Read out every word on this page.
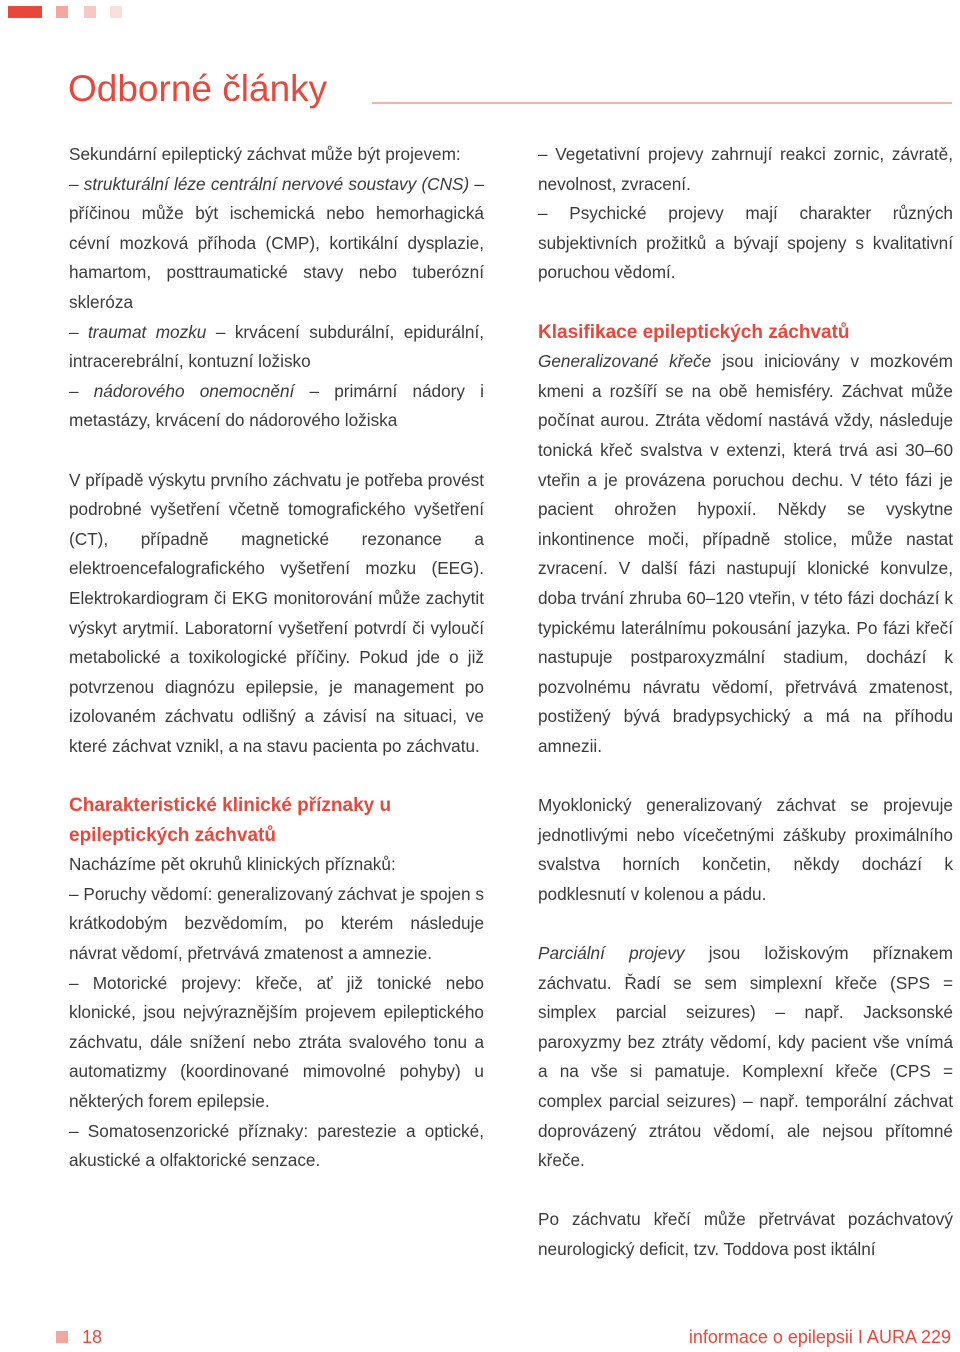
Odborné články

Sekundární epileptický záchvat může být projevem:

– strukturální léze centrální nervové soustavy (CNS) – příčinou může být ischemická nebo hemorhagická cévní mozková příhoda (CMP), kortikální dysplazie, hamartom, posttraumatické stavy nebo tuberózní skleróza
– traumat mozku – krvácení subdurální, epidurální, intracerebrální, kontuzní ložisko
– nádorového onemocnění – primární nádory i metastázy, krvácení do nádorového ložiska

V případě výskytu prvního záchvatu je potřeba provést podrobné vyšetření včetně tomografického vyšetření (CT), případně magnetické rezonance a elektroencefalografického vyšetření mozku (EEG). Elektrokardiogram či EKG monitorování může zachytit výskyt arytmií. Laboratorní vyšetření potvrdí či vyloučí metabolické a toxikologické příčiny. Pokud jde o již potvrzenou diagnózu epilepsie, je management po izolovaném záchvatu odlišný a závisí na situaci, ve které záchvat vznikl, a na stavu pacienta po záchvatu.

Charakteristické klinické příznaky u epileptických záchvatů

Nacházíme pět okruhů klinických příznaků:

– Poruchy vědomí: generalizovaný záchvat je spojen s krátkodobým bezvědomím, po kterém následuje návrat vědomí, přetrvává zmatenost a amnezie.
– Motorické projevy: křeče, ať již tonické nebo klonické, jsou nejvýraznějším projevem epileptického záchvatu, dále snížení nebo ztráta svalového tonu a automatizmy (koordinované mimovolné pohyby) u některých forem epilepsie.
– Somatosenzorické příznaky: parestezie a optické, akustické a olfaktorické senzace.
– Vegetativní projevy zahrnují reakci zornic, závratě, nevolnost, zvracení.
– Psychické projevy mají charakter různých subjektivních prožitků a bývají spojeny s kvalitativní poruchou vědomí.
Klasifikace epileptických záchvatů

Generalizované křeče jsou iniciovány v mozkovém kmeni a rozšíří se na obě hemisféry. Záchvat může počínat aurou. Ztráta vědomí nastává vždy, následuje tonická křeč svalstva v extenzi, která trvá asi 30–60 vteřin a je provázena poruchou dechu. V této fázi je pacient ohrožen hypoxií. Někdy se vyskytne inkontinence moči, případně stolice, může nastat zvracení. V další fázi nastupují klonické konvulze, doba trvání zhruba 60–120 vteřin, v této fázi dochází k typickému laterálnímu pokousání jazyka. Po fázi křečí nastupuje postparoxyzmální stadium, dochází k pozvolnému návratu vědomí, přetrvává zmatenost, postižený bývá bradypsychický a má na příhodu amnezii.

Myoklonický generalizovaný záchvat se projevuje jednotlivými nebo vícečetnými záškuby proximálního svalstva horních končetin, někdy dochází k podklesnutí v kolenou a pádu.

Parciální projevy jsou ložiskovým příznakem záchvatu. Řadí se sem simplexní křeče (SPS = simplex parcial seizures) – např. Jacksonské paroxyzmy bez ztráty vědomí, kdy pacient vše vnímá a na vše si pamatuje. Komplexní křeče (CPS = complex parcial seizures) – např. temporální záchvat doprovázený ztrátou vědomí, ale nejsou přítomné křeče.

Po záchvatu křečí může přetrvávat pozáchvatový neurologický deficit, tzv. Toddova post iktální

18	informace o epilepsii I AURA 229
